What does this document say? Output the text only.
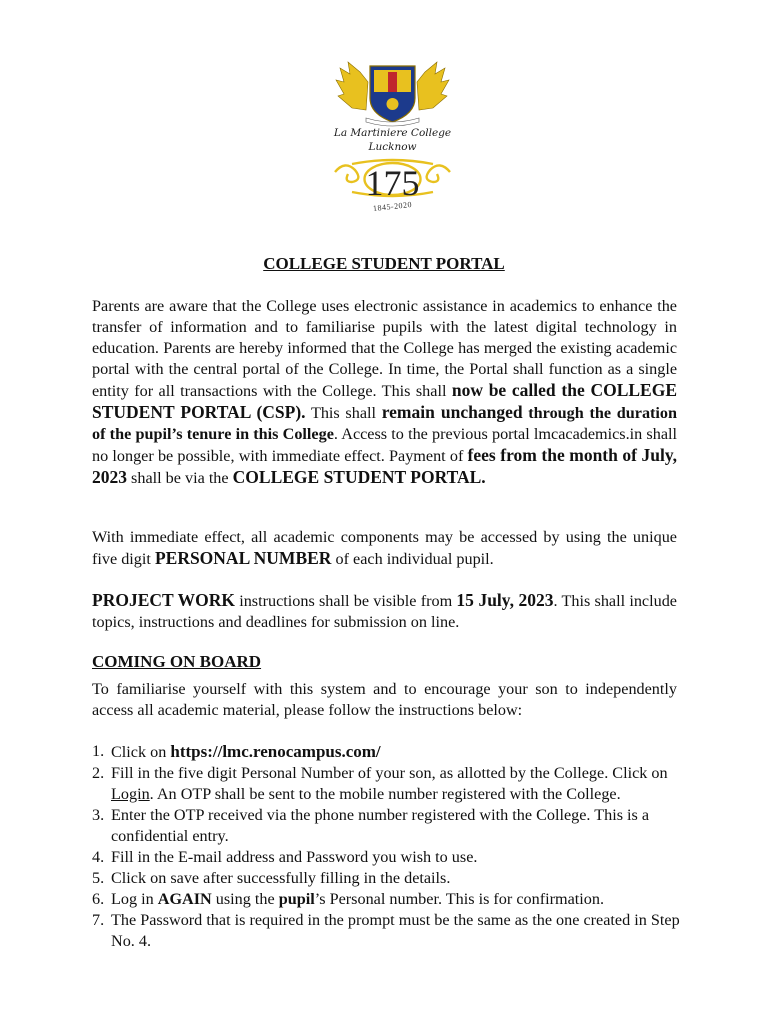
La Martiniere College
Lucknow
175
1845-2020
COLLEGE STUDENT PORTAL

Parents are aware that the College uses electronic assistance in academics to enhance the transfer of information and to familiarise pupils with the latest digital technology in education. Parents are hereby informed that the College has merged the existing academic portal with the central portal of the College. In time, the Portal shall function as a single entity for all transactions with the College. This shall now be called the COLLEGE STUDENT PORTAL (CSP). This shall remain unchanged through the duration of the pupil’s tenure in this College. Access to the previous portal lmcacademics.in shall no longer be possible, with immediate effect. Payment of fees from the month of July, 2023 shall be via the COLLEGE STUDENT PORTAL.

With immediate effect, all academic components may be accessed by using the unique five digit PERSONAL NUMBER of each individual pupil.

PROJECT WORK instructions shall be visible from 15 July, 2023. This shall include topics, instructions and deadlines for submission on line.

COMING ON BOARD

To familiarise yourself with this system and to encourage your son to independently access all academic material, please follow the instructions below:

1. Click on https://lmc.renocampus.com/
2. Fill in the five digit Personal Number of your son, as allotted by the College. Click on Login. An OTP shall be sent to the mobile number registered with the College.
3. Enter the OTP received via the phone number registered with the College. This is a confidential entry.
4. Fill in the E-mail address and Password you wish to use.
5. Click on save after successfully filling in the details.
6. Log in AGAIN using the pupil’s Personal number. This is for confirmation.
7. The Password that is required in the prompt must be the same as the one created in Step No. 4.
